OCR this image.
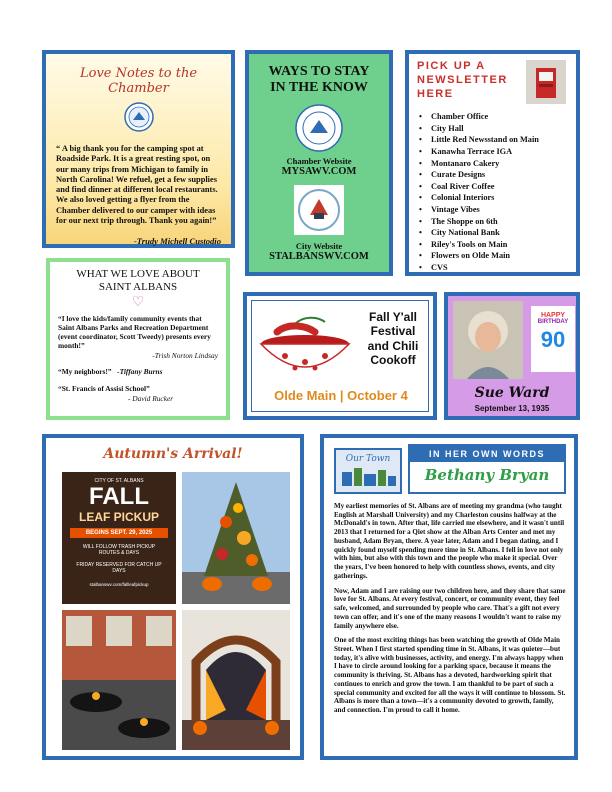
Love Notes to the Chamber
“ A big thank you for the camping spot at Roadside Park. It is a great resting spot, on our many trips from Michigan to family in North Carolina! We refuel, get a few supplies and find dinner at different local restaurants. We also loved getting a flyer from the Chamber delivered to our camper with ideas for our next trip through. Thank you again!”
-Trudy Michell Custodio
WAYS TO STAY
IN THE KNOW
Chamber Website
MYSAWV.COM
City Website
STALBANSWV.COM
PICK UP A NEWSLETTER HERE
• Chamber Office
• City Hall
• Little Red Newsstand on Main
• Kanawha Terrace IGA
• Montanaro Cakery
• Curate Designs
• Coal River Coffee
• Colonial Interiors
• Vintage Vibes
• The Shoppe on 6th
• City National Bank
• Riley's Tools on Main
• Flowers on Olde Main
• CVS
WHAT WE LOVE ABOUT
SAINT ALBANS
♡

“I love the kids/family community events that Saint Albans Parks and Recreation Department (event coordinator, Scott Tweedy) presents every month!”

-Trish Norton Lindsay

“My neighbors!” -Tiffany Burns

“St. Francis of Assisi School”

- David Rucker
Fall Y'all
Festival
and Chili
Cookoff
Olde Main | October 4
HAPPY
BIRTHDAY
90
Sue Ward
September 13, 1935
Autumn's Arrival!
CITY OF ST. ALBANS
FALL
LEAF PICKUP
BEGINS SEPT. 29, 2025
WILL FOLLOW TRASH PICKUP ROUTES & DAYS
FRIDAY RESERVED FOR CATCH UP DAYS
stalbanswv.com/fallleafpickup
Our Town	IN HER OWN WORDS
Bethany Bryan

My earliest memories of St. Albans are of meeting my grandma (who taught English at Marshall University) and my Charleston cousins halfway at the McDonald's in town. After that, life carried me elsewhere, and it wasn't until 2013 that I returned for a Qiet show at the Alban Arts Center and met my husband, Adam Bryan, there. A year later, Adam and I began dating, and I quickly found myself spending more time in St. Albans. I fell in love not only with him, but also with this town and the people who make it special. Over the years, I've been honored to help with countless shows, events, and city gatherings.

Now, Adam and I are raising our two children here, and they share that same love for St. Albans. At every festival, concert, or community event, they feel safe, welcomed, and surrounded by people who care. That's a gift not every town can offer, and it's one of the many reasons I wouldn't want to raise my family anywhere else.

One of the most exciting things has been watching the growth of Olde Main Street. When I first started spending time in St. Albans, it was quieter—but today, it's alive with businesses, activity, and energy. I'm always happy when I have to circle around looking for a parking space, because it means the community is thriving. St. Albans has a devoted, hardworking spirit that continues to enrich and grow the town. I am thankful to be part of such a special community and excited for all the ways it will continue to blossom. St. Albans is more than a town—it's a community devoted to growth, family, and connection. I'm proud to call it home.
